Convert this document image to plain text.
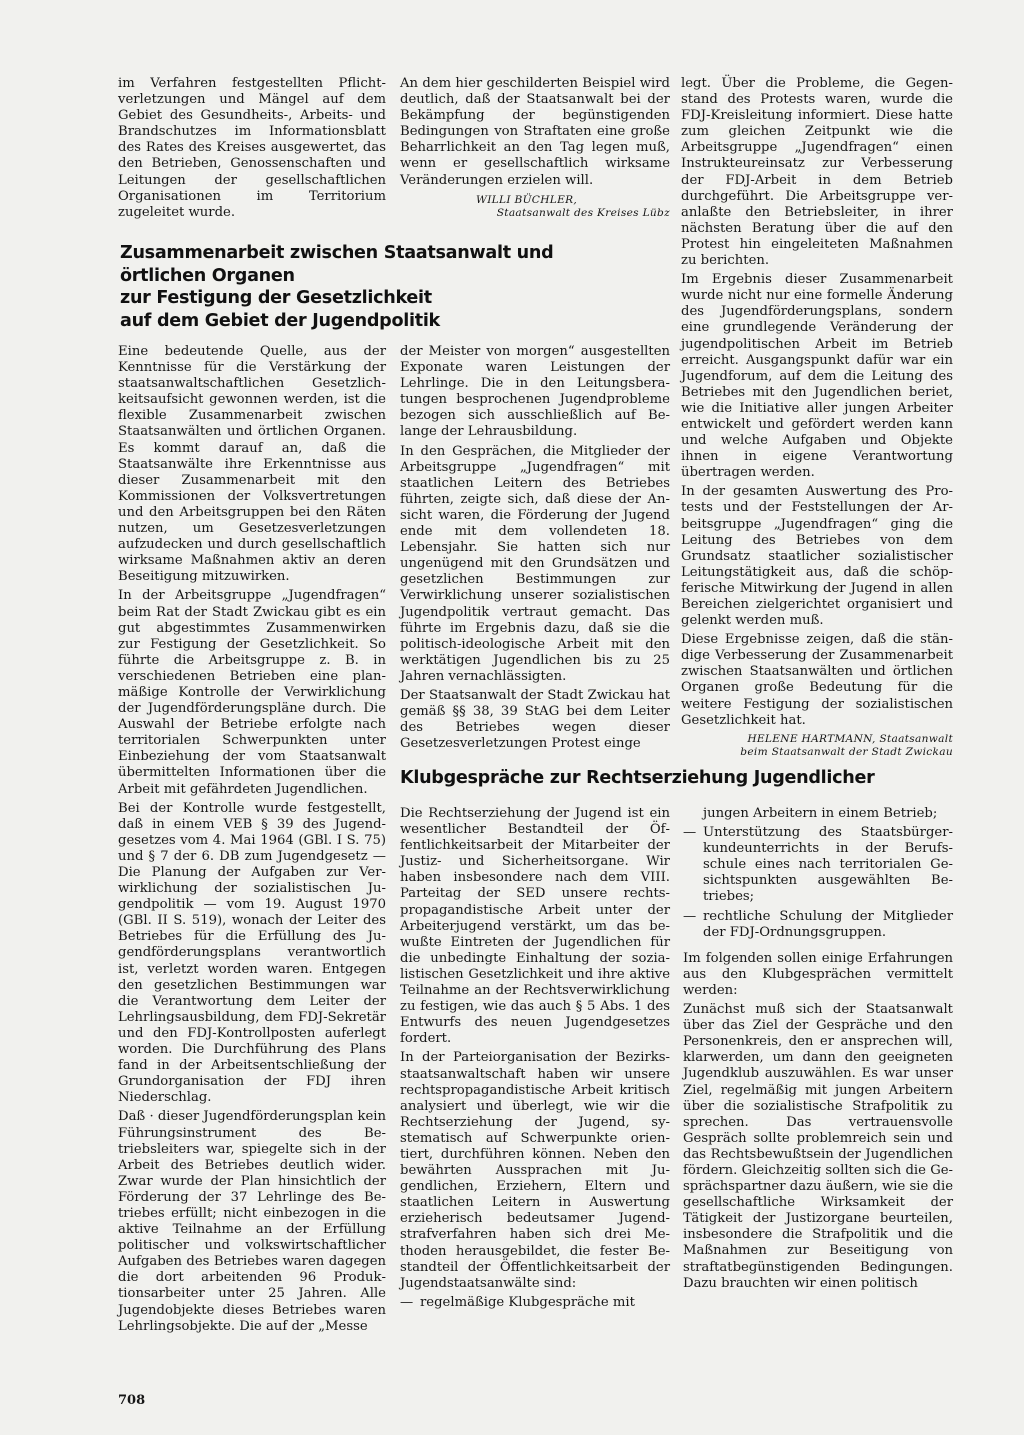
im Verfahren festgestellten Pflichtverletzungen und Mängel auf dem Gebiet des Gesundheits-, Arbeits- und Brandschutzes im Informationsblatt des Rates des Kreises ausgewertet, das den Betrieben, Genossenschaften und Leitungen der gesellschaftlichen Organisationen im Territorium zugeleitet wurde.

An dem hier geschilderten Beispiel wird deutlich, daß der Staatsanwalt bei der Bekämpfung der begünstigenden Bedingungen von Straftaten eine große Beharrlichkeit an den Tag legen muß, wenn er gesellschaftlich wirksame Veränderungen erzielen will.

WILLI BÜCHLER,
Staatsanwalt des Kreises Lübz
Zusammenarbeit zwischen Staatsanwalt und
örtlichen Organen
zur Festigung der Gesetzlichkeit
auf dem Gebiet der Jugendpolitik

legt. Über die Probleme, die Gegenstand des Protests waren, wurde die FDJ-Kreisleitung informiert. Diese hatte zum gleichen Zeitpunkt wie die Arbeitsgruppe „Jugendfragen“ einen Instrukteureinsatz zur Verbesserung der FDJ-Arbeit in dem Betrieb durchgeführt. Die Arbeitsgruppe veranlaßte den Betriebsleiter, in ihrer nächsten Beratung über die auf den Protest hin eingeleiteten Maßnahmen zu berichten.

Im Ergebnis dieser Zusammenarbeit wurde nicht nur eine formelle Änderung des Jugendförderungsplans, sondern eine grundlegende Veränderung der jugendpolitischen Arbeit im Betrieb erreicht. Ausgangspunkt dafür war ein Jugendforum, auf dem die Leitung des Betriebes mit den Jugendlichen beriet, wie die Initiative aller jungen Arbeiter entwickelt und gefördert werden kann und welche Aufgaben und Objekte ihnen in eigene Verantwortung übertragen werden.

In der gesamten Auswertung des Protests und der Feststellungen der Arbeitsgruppe „Jugendfragen“ ging die Leitung des Betriebes von dem Grundsatz staatlicher sozialistischer Leitungstätigkeit aus, daß die schöpferische Mitwirkung der Jugend in allen Bereichen zielgerichtet organisiert und gelenkt werden muß.

Diese Ergebnisse zeigen, daß die ständige Verbesserung der Zusammenarbeit zwischen Staatsanwälten und örtlichen Organen große Bedeutung für die weitere Festigung der sozialistischen Gesetzlichkeit hat.

HELENE HARTMANN, Staatsanwalt
beim Staatsanwalt der Stadt Zwickau

Eine bedeutende Quelle, aus der Kenntnisse für die Verstärkung der staatsanwaltschaftlichen Gesetzlichkeitsaufsicht gewonnen werden, ist die flexible Zusammenarbeit zwischen Staatsanwälten und örtlichen Organen. Es kommt darauf an, daß die Staatsanwälte ihre Erkenntnisse aus dieser Zusammenarbeit mit den Kommissionen der Volksvertretungen und den Arbeitsgruppen bei den Räten nutzen, um Gesetzesverletzungen aufzudecken und durch gesellschaftlich wirksame Maßnahmen aktiv an deren Beseitigung mitzuwirken.

In der Arbeitsgruppe „Jugendfragen“ beim Rat der Stadt Zwickau gibt es ein gut abgestimmtes Zusammenwirken zur Festigung der Gesetzlichkeit. So führte die Arbeitsgruppe z. B. in verschiedenen Betrieben eine planmäßige Kontrolle der Verwirklichung der Jugendförderungspläne durch. Die Auswahl der Betriebe erfolgte nach territorialen Schwerpunkten unter Einbeziehung der vom Staatsanwalt übermittelten Informationen über die Arbeit mit gefährdeten Jugendlichen.

Bei der Kontrolle wurde festgestellt, daß in einem VEB § 39 des Jugendgesetzes vom 4. Mai 1964 (GBl. I S. 75) und § 7 der 6. DB zum Jugendgesetz — Die Planung der Aufgaben zur Verwirklichung der sozialistischen Jugendpolitik — vom 19. August 1970 (GBl. II S. 519), wonach der Leiter des Betriebes für die Erfüllung des Jugendförderungsplans verantwortlich ist, verletzt worden waren. Entgegen den gesetzlichen Bestimmungen war die Verantwortung dem Leiter der Lehrlingsausbildung, dem FDJ-Sekretär und den FDJ-Kontrollposten auferlegt worden. Die Durchführung des Plans fand in der Arbeitsentschließung der Grundorganisation der FDJ ihren Niederschlag.

Daß · dieser Jugendförderungsplan kein Führungsinstrument des Betriebsleiters war, spiegelte sich in der Arbeit des Betriebes deutlich wider. Zwar wurde der Plan hinsichtlich der Förderung der 37 Lehrlinge des Betriebes erfüllt; nicht einbezogen in die aktive Teilnahme an der Erfüllung politischer und volkswirtschaftlicher Aufgaben des Betriebes waren dagegen die dort arbeitenden 96 Produktionsarbeiter unter 25 Jahren. Alle Jugendobjekte dieses Betriebes waren Lehrlingsobjekte. Die auf der „Messe

der Meister von morgen“ ausgestellten Exponate waren Leistungen der Lehrlinge. Die in den Leitungsberatungen besprochenen Jugendprobleme bezogen sich ausschließlich auf Belange der Lehrausbildung.

In den Gesprächen, die Mitglieder der Arbeitsgruppe „Jugendfragen“ mit staatlichen Leitern des Betriebes führten, zeigte sich, daß diese der Ansicht waren, die Förderung der Jugend ende mit dem vollendeten 18. Lebensjahr. Sie hatten sich nur ungenügend mit den Grundsätzen und gesetzlichen Bestimmungen zur Verwirklichung unserer sozialistischen Jugendpolitik vertraut gemacht. Das führte im Ergebnis dazu, daß sie die politisch-ideologische Arbeit mit den werktätigen Jugendlichen bis zu 25 Jahren vernachlässigten.

Der Staatsanwalt der Stadt Zwickau hat gemäß §§ 38, 39 StAG bei dem Leiter des Betriebes wegen dieser Gesetzesverletzungen Protest einge

Klubgespräche zur Rechtserziehung Jugendlicher

Die Rechtserziehung der Jugend ist ein wesentlicher Bestandteil der Öffentlichkeitsarbeit der Mitarbeiter der Justiz- und Sicherheitsorgane. Wir haben insbesondere nach dem VIII. Parteitag der SED unsere rechtspropagandistische Arbeit unter der Arbeiterjugend verstärkt, um das bewußte Eintreten der Jugendlichen für die unbedingte Einhaltung der sozialistischen Gesetzlichkeit und ihre aktive Teilnahme an der Rechtsverwirklichung zu festigen, wie das auch § 5 Abs. 1 des Entwurfs des neuen Jugendgesetzes fordert.

In der Parteiorganisation der Bezirksstaatsanwaltschaft haben wir unsere rechtspropagandistische Arbeit kritisch analysiert und überlegt, wie wir die Rechtserziehung der Jugend, systematisch auf Schwerpunkte orientiert, durchführen können. Neben den bewährten Aussprachen mit Jugendlichen, Erziehern, Eltern und staatlichen Leitern in Auswertung erzieherisch bedeutsamer Jugendstrafverfahren haben sich drei Methoden herausgebildet, die fester Bestandteil der Öffentlichkeitsarbeit der Jugendstaatsanwälte sind:

— regelmäßige Klubgespräche mit

jungen Arbeitern in einem Betrieb;

— Unterstützung des Staatsbürgerkundeunterrichts in der Berufsschule eines nach territorialen Gesichtspunkten ausgewählten Betriebes;
— rechtliche Schulung der Mitglieder der FDJ-Ordnungsgruppen.

Im folgenden sollen einige Erfahrungen aus den Klubgesprächen vermittelt werden:

Zunächst muß sich der Staatsanwalt über das Ziel der Gespräche und den Personenkreis, den er ansprechen will, klarwerden, um dann den geeigneten Jugendklub auszuwählen. Es war unser Ziel, regelmäßig mit jungen Arbeitern über die sozialistische Strafpolitik zu sprechen. Das vertrauensvolle Gespräch sollte problemreich sein und das Rechtsbewußtsein der Jugendlichen fördern. Gleichzeitig sollten sich die Gesprächspartner dazu äußern, wie sie die gesellschaftliche Wirksamkeit der Tätigkeit der Justizorgane beurteilen, insbesondere die Strafpolitik und die Maßnahmen zur Beseitigung von straftatbegünstigenden Bedingungen. Dazu brauchten wir einen politisch

708
